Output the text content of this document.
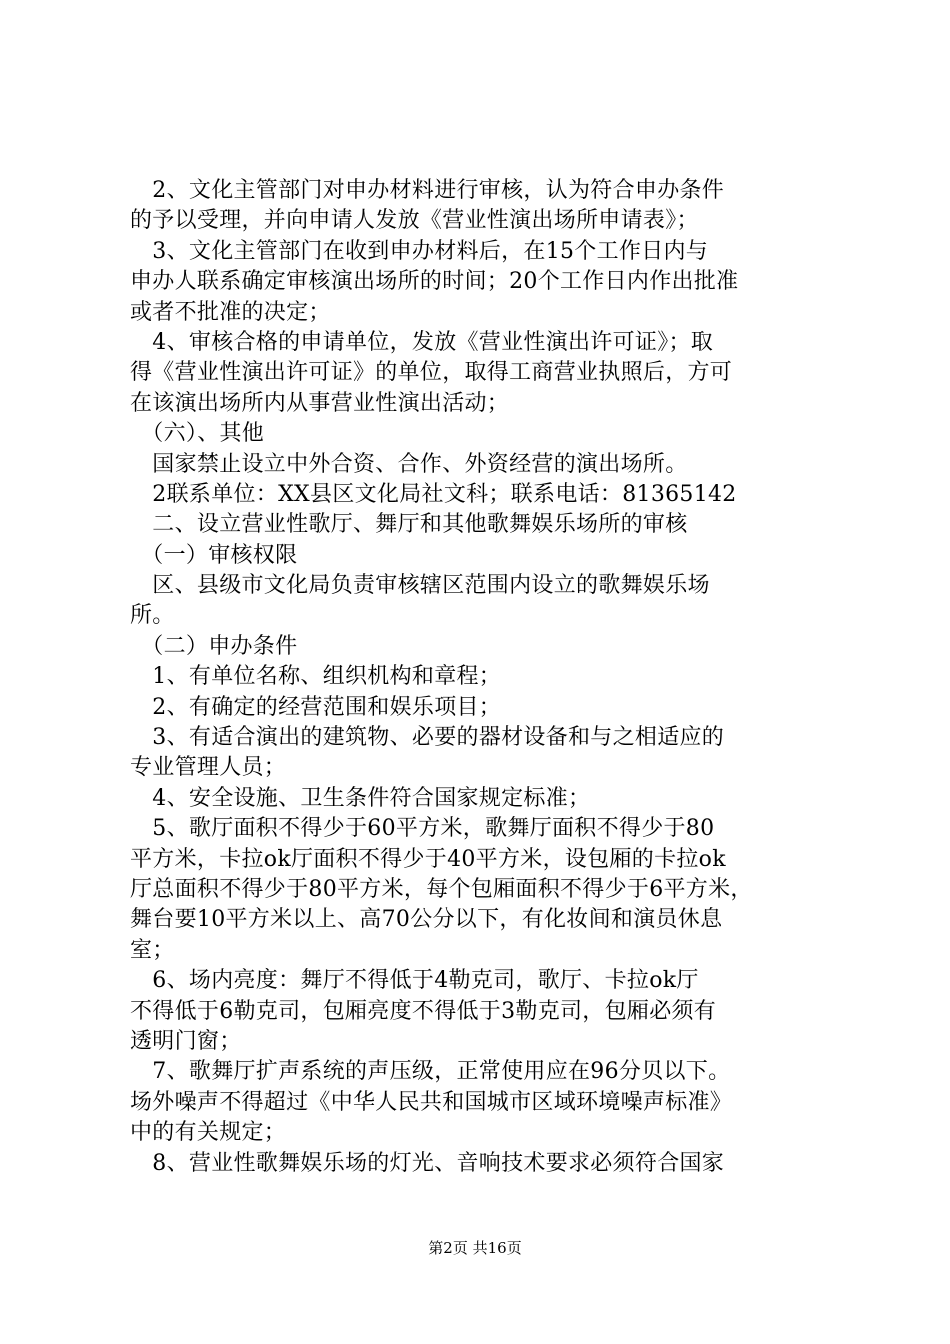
　2、文化主管部门对申办材料进行审核，认为符合申办条件
的予以受理，并向申请人发放《营业性演出场所申请表》；
　3、文化主管部门在收到申办材料后，在15个工作日内与
申办人联系确定审核演出场所的时间；20个工作日内作出批准
或者不批准的决定；
　4、审核合格的申请单位，发放《营业性演出许可证》；取
得《营业性演出许可证》的单位，取得工商营业执照后，方可
在该演出场所内从事营业性演出活动；
　（六）、其他
　国家禁止设立中外合资、合作、外资经营的演出场所。
　2联系单位：XX县区文化局社文科；联系电话：81365142
　二、设立营业性歌厅、舞厅和其他歌舞娱乐场所的审核
　（一）审核权限
　区、县级市文化局负责审核辖区范围内设立的歌舞娱乐场
所。
　（二）申办条件
　1、有单位名称、组织机构和章程；
　2、有确定的经营范围和娱乐项目；
　3、有适合演出的建筑物、必要的器材设备和与之相适应的
专业管理人员；
　4、安全设施、卫生条件符合国家规定标准；
　5、歌厅面积不得少于60平方米，歌舞厅面积不得少于80
平方米，卡拉ok厅面积不得少于40平方米，设包厢的卡拉ok
厅总面积不得少于80平方米，每个包厢面积不得少于6平方米，
舞台要10平方米以上、高70公分以下，有化妆间和演员休息
室；
　6、场内亮度：舞厅不得低于4勒克司，歌厅、卡拉ok厅
不得低于6勒克司，包厢亮度不得低于3勒克司，包厢必须有
透明门窗；
　7、歌舞厅扩声系统的声压级，正常使用应在96分贝以下。
场外噪声不得超过《中华人民共和国城市区域环境噪声标准》
中的有关规定；
　8、营业性歌舞娱乐场的灯光、音响技术要求必须符合国家
第2页 共16页
